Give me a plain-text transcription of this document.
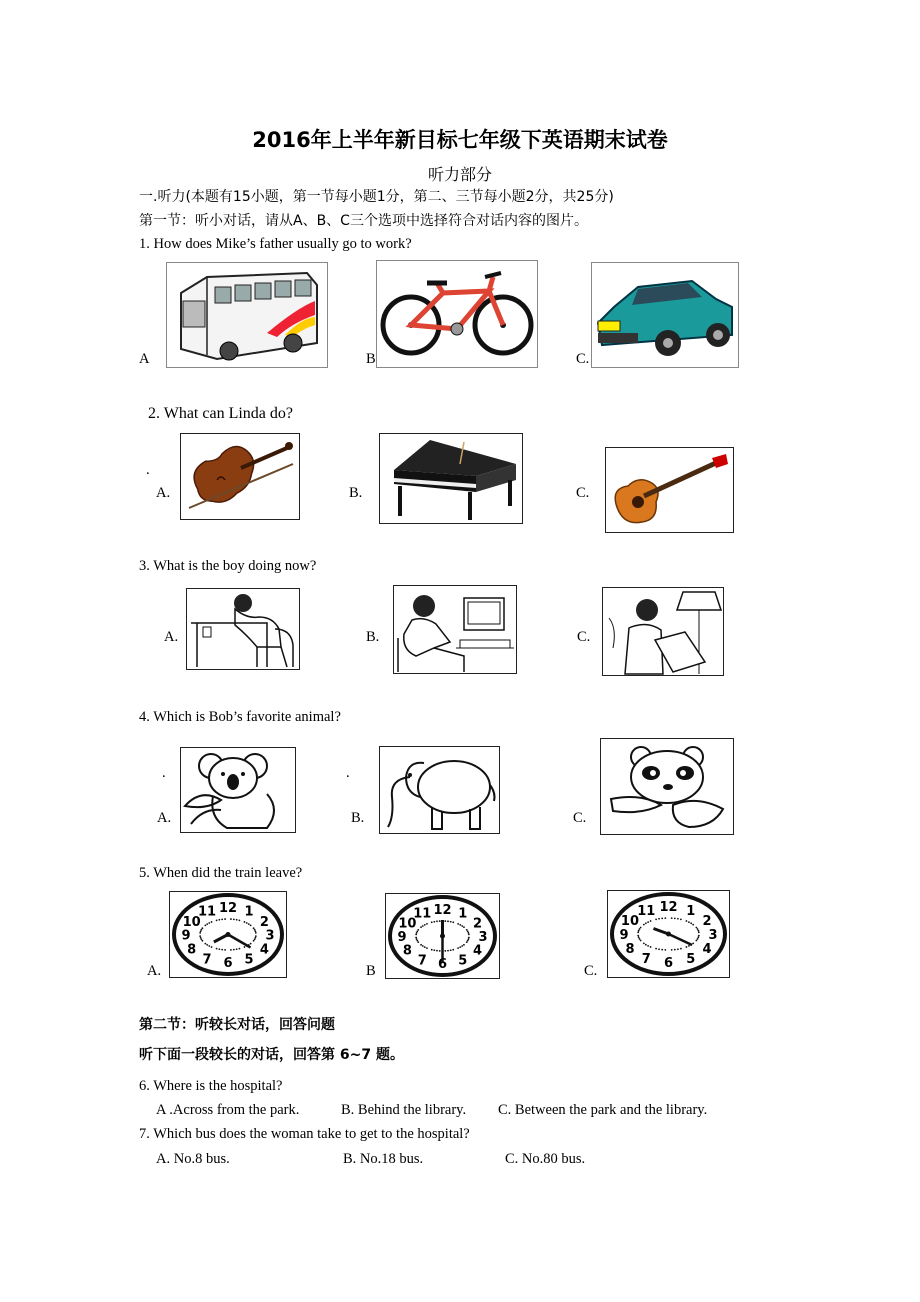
2016年上半年新目标七年级下英语期末试卷
听力部分
一.听力(本题有15小题，第一节每小题1分，第二、三节每小题2分，共25分)
第一节：听小对话，请从A、B、C三个选项中选择符合对话内容的图片。
1. How does Mike’s father usually go to work?
A	B	C.
2. What can Linda do?
.
A.	B.	C.
3. What is the boy doing now?
A.	B.	C.
4. Which is Bob’s favorite animal?
.	.
A.	B.	C.
5. When did the train leave?
A.
12 1
2
3
4
5
6
7
8
9
10
11
B
12 1
2
3
4
5
6
7
8
9
10
11
C.
12 1
2
3
4
5
6
7
8
9
10
11
第二节：听较长对话，回答问题
听下面一段较长的对话，回答第 6~7 题。
6. Where is the hospital?
A .Across from the park.	B. Behind the library. C. Between the park and the library.
7. Which bus does the woman take to get to the hospital?
A. No.8 bus.	B. No.18 bus.	C. No.80 bus.
